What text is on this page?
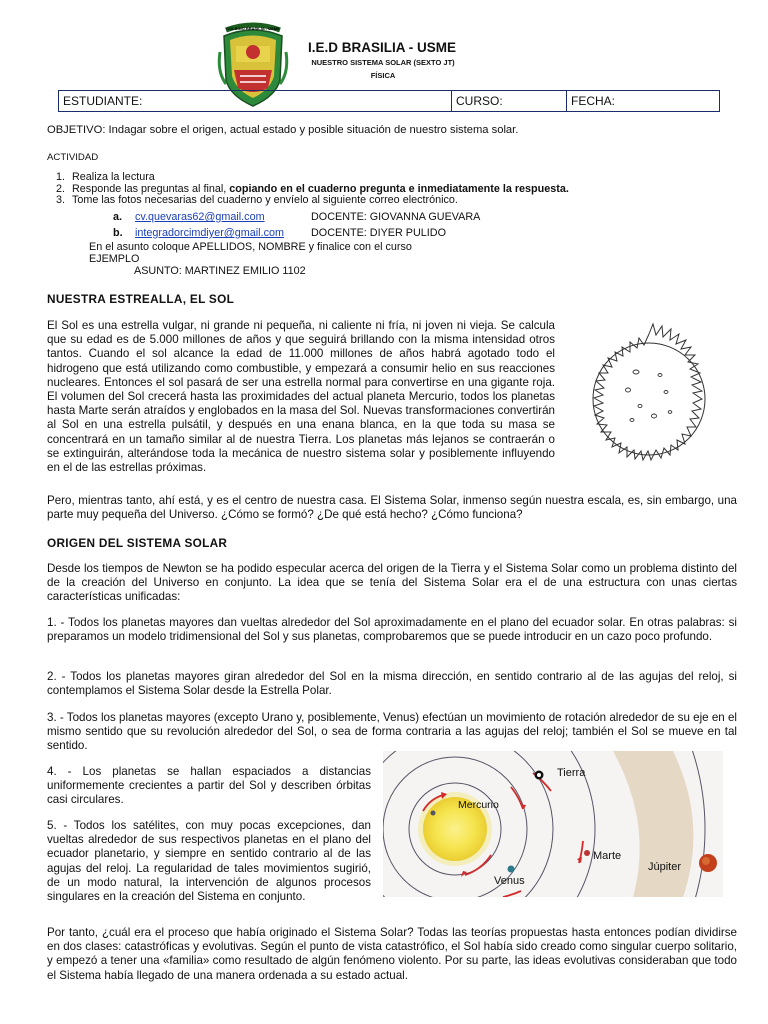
COLEGIO BRASILIA - USME
I.E.D BRASILIA - USME
NUESTRO SISTEMA SOLAR (SEXTO JT)
FÍSICA
ESTUDIANTE:	CURSO:	FECHA:
OBJETIVO: Indagar sobre el origen, actual estado y posible situación de nuestro sistema solar.
ACTIVIDAD
1. Realiza la lectura
2. Responde las preguntas al final, copiando en el cuaderno pregunta e inmediatamente la respuesta.
3. Tome las fotos necesarias del cuaderno y envíelo al siguiente correo electrónico.
a. cv.quevaras62@gmail.com	DOCENTE: GIOVANNA GUEVARA
b. integradorcimdiyer@gmail.com	DOCENTE: DIYER PULIDO
En el asunto coloque APELLIDOS, NOMBRE y finalice con el curso
EJEMPLO
ASUNTO: MARTINEZ EMILIO 1102
NUESTRA ESTREALLA, EL SOL

El Sol es una estrella vulgar, ni grande ni pequeña, ni caliente ni fría, ni joven ni vieja. Se calcula que su edad es de 5.000 millones de años y que seguirá brillando con la misma intensidad otros tantos. Cuando el sol alcance la edad de 11.000 millones de años habrá agotado todo el hidrogeno que está utilizando como combustible, y empezará a consumir helio en sus reacciones nucleares. Entonces el sol pasará de ser una estrella normal para convertirse en una gigante roja. El volumen del Sol crecerá hasta las proximidades del actual planeta Mercurio, todos los planetas hasta Marte serán atraídos y englobados en la masa del Sol. Nuevas transformaciones convertirán al Sol en una estrella pulsátil, y después en una enana blanca, en la que toda su masa se concentrará en un tamaño similar al de nuestra Tierra. Los planetas más lejanos se contraerán o se extinguirán, alterándose toda la mecánica de nuestro sistema solar y posiblemente influyendo en el de las estrellas próximas.

Pero, mientras tanto, ahí está, y es el centro de nuestra casa. El Sistema Solar, inmenso según nuestra escala, es, sin embargo, una parte muy pequeña del Universo. ¿Cómo se formó? ¿De qué está hecho? ¿Cómo funciona?

ORIGEN DEL SISTEMA SOLAR

Desde los tiempos de Newton se ha podido especular acerca del origen de la Tierra y el Sistema Solar como un problema distinto del de la creación del Universo en conjunto. La idea que se tenía del Sistema Solar era el de una estructura con unas ciertas características unificadas:

1. - Todos los planetas mayores dan vueltas alrededor del Sol aproximadamente en el plano del ecuador solar. En otras palabras: si preparamos un modelo tridimensional del Sol y sus planetas, comprobaremos que se puede introducir en un cazo poco profundo.

2. - Todos los planetas mayores giran alrededor del Sol en la misma dirección, en sentido contrario al de las agujas del reloj, si contemplamos el Sistema Solar desde la Estrella Polar.

3. - Todos los planetas mayores (excepto Urano y, posiblemente, Venus) efectúan un movimiento de rotación alrededor de su eje en el mismo sentido que su revolución alrededor del Sol, o sea de forma contraria a las agujas del reloj; también el Sol se mueve en tal sentido.

4. - Los planetas se hallan espaciados a distancias uniformemente crecientes a partir del Sol y describen órbitas casi circulares.

5. - Todos los satélites, con muy pocas excepciones, dan vueltas alrededor de sus respectivos planetas en el plano del ecuador planetario, y siempre en sentido contrario al de las agujas del reloj. La regularidad de tales movimientos sugirió, de un modo natural, la intervención de algunos procesos singulares en la creación del Sistema en conjunto.

Mercurio
Tierra
Marte
Venus
Júpiter

Por tanto, ¿cuál era el proceso que había originado el Sistema Solar? Todas las teorías propuestas hasta entonces podían dividirse en dos clases: catastróficas y evolutivas. Según el punto de vista catastrófico, el Sol había sido creado como singular cuerpo solitario, y empezó a tener una «familia» como resultado de algún fenómeno violento. Por su parte, las ideas evolutivas consideraban que todo el Sistema había llegado de una manera ordenada a su estado actual.
